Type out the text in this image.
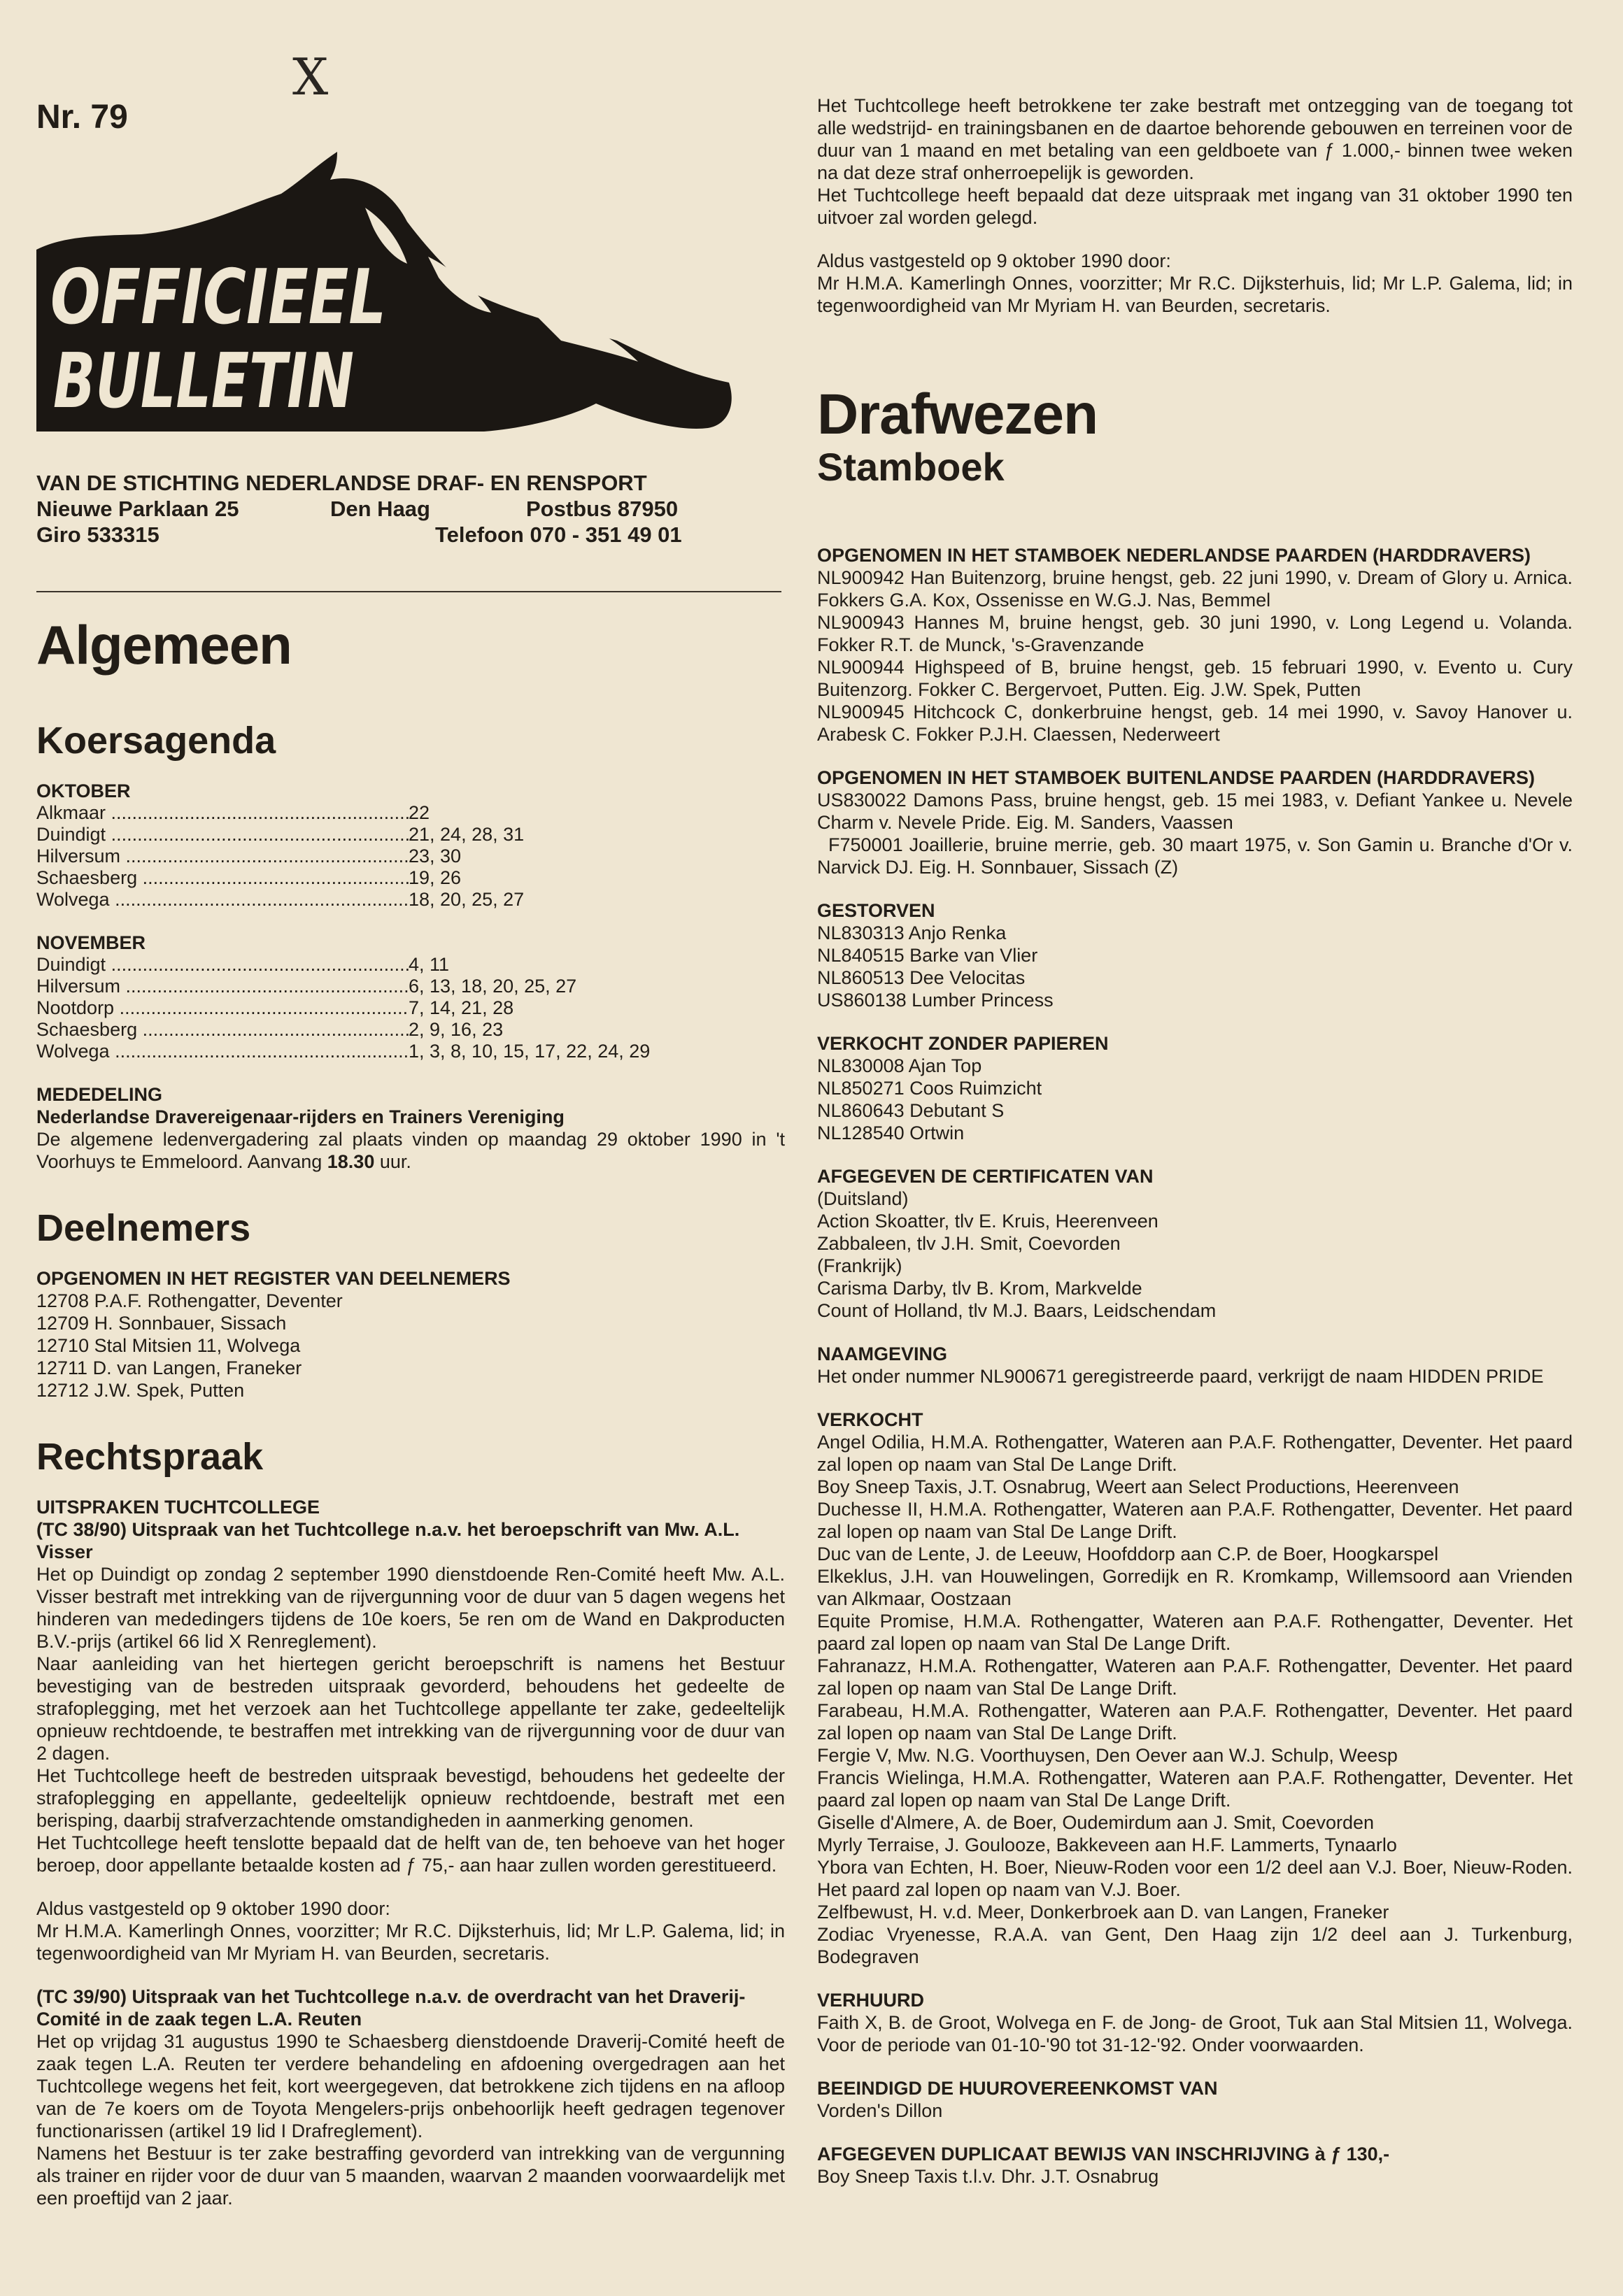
X
Nr. 79
OFFICIEEL
BULLETIN
VAN DE STICHTING NEDERLANDSE DRAF- EN RENSPORT
Nieuwe Parklaan 25	Den Haag	Postbus 87950
Giro 533315	Telefoon 070 - 351 49 01
Algemeen
Koersagenda
OKTOBER
Alkmaar .....	22
Duindigt .....	21, 24, 28, 31
Hilversum .....	23, 30
Schaesberg .....	19, 26
Wolvega .....	18, 20, 25, 27
NOVEMBER
Duindigt .....	4, 11
Hilversum .....	6, 13, 18, 20, 25, 27
Nootdorp .....	7, 14, 21, 28
Schaesberg .....	2, 9, 16, 23
Wolvega .....	1, 3, 8, 10, 15, 17, 22, 24, 29
MEDEDELING
Nederlandse Dravereigenaar-rijders en Trainers Vereniging
De algemene ledenvergadering zal plaats vinden op maandag 29 oktober 1990 in 't Voorhuys te Emmeloord. Aanvang 18.30 uur.
Deelnemers
OPGENOMEN IN HET REGISTER VAN DEELNEMERS
12708 P.A.F. Rothengatter, Deventer
12709 H. Sonnbauer, Sissach
12710 Stal Mitsien 11, Wolvega
12711 D. van Langen, Franeker
12712 J.W. Spek, Putten
Rechtspraak
UITSPRAKEN TUCHTCOLLEGE
(TC 38/90) Uitspraak van het Tuchtcollege n.a.v. het beroepschrift van Mw. A.L. Visser
Het op Duindigt op zondag 2 september 1990 dienstdoende Ren-Comité heeft Mw. A.L. Visser bestraft met intrekking van de rijvergunning voor de duur van 5 dagen wegens het hinderen van mededingers tijdens de 10e koers, 5e ren om de Wand en Dakproducten B.V.-prijs (artikel 66 lid X Renreglement).
Naar aanleiding van het hiertegen gericht beroepschrift is namens het Bestuur bevestiging van de bestreden uitspraak gevorderd, behoudens het gedeelte de strafoplegging, met het verzoek aan het Tuchtcollege appellante ter zake, gedeeltelijk opnieuw rechtdoende, te bestraffen met intrekking van de rijvergunning voor de duur van 2 dagen.
Het Tuchtcollege heeft de bestreden uitspraak bevestigd, behoudens het gedeelte der strafoplegging en appellante, gedeeltelijk opnieuw rechtdoende, bestraft met een berisping, daarbij strafverzachtende omstandigheden in aanmerking genomen.
Het Tuchtcollege heeft tenslotte bepaald dat de helft van de, ten behoeve van het hoger beroep, door appellante betaalde kosten ad ƒ 75,- aan haar zullen worden gerestitueerd.
Aldus vastgesteld op 9 oktober 1990 door:
Mr H.M.A. Kamerlingh Onnes, voorzitter; Mr R.C. Dijksterhuis, lid; Mr L.P. Galema, lid; in tegenwoordigheid van Mr Myriam H. van Beurden, secretaris.
(TC 39/90) Uitspraak van het Tuchtcollege n.a.v. de overdracht van het Draverij-Comité in de zaak tegen L.A. Reuten
Het op vrijdag 31 augustus 1990 te Schaesberg dienstdoende Draverij-Comité heeft de zaak tegen L.A. Reuten ter verdere behandeling en afdoening overgedragen aan het Tuchtcollege wegens het feit, kort weergegeven, dat betrokkene zich tijdens en na afloop van de 7e koers om de Toyota Mengelers-prijs onbehoorlijk heeft gedragen tegenover functionarissen (artikel 19 lid I Drafreglement).
Namens het Bestuur is ter zake bestraffing gevorderd van intrekking van de vergunning als trainer en rijder voor de duur van 5 maanden, waarvan 2 maanden voorwaardelijk met een proeftijd van 2 jaar.
Het Tuchtcollege heeft betrokkene ter zake bestraft met ontzegging van de toegang tot alle wedstrijd- en trainingsbanen en de daartoe behorende gebouwen en terreinen voor de duur van 1 maand en met betaling van een geldboete van ƒ 1.000,- binnen twee weken na dat deze straf onherroepelijk is geworden.
Het Tuchtcollege heeft bepaald dat deze uitspraak met ingang van 31 oktober 1990 ten uitvoer zal worden gelegd.
Aldus vastgesteld op 9 oktober 1990 door:
Mr H.M.A. Kamerlingh Onnes, voorzitter; Mr R.C. Dijksterhuis, lid; Mr L.P. Galema, lid; in tegenwoordigheid van Mr Myriam H. van Beurden, secretaris.
Drafwezen
Stamboek
OPGENOMEN IN HET STAMBOEK NEDERLANDSE PAARDEN (HARDDRAVERS)
NL900942 Han Buitenzorg, bruine hengst, geb. 22 juni 1990, v. Dream of Glory u. Arnica. Fokkers G.A. Kox, Ossenisse en W.G.J. Nas, Bemmel
NL900943 Hannes M, bruine hengst, geb. 30 juni 1990, v. Long Legend u. Volanda. Fokker R.T. de Munck, 's-Gravenzande
NL900944 Highspeed of B, bruine hengst, geb. 15 februari 1990, v. Evento u. Cury Buitenzorg. Fokker C. Bergervoet, Putten. Eig. J.W. Spek, Putten
NL900945 Hitchcock C, donkerbruine hengst, geb. 14 mei 1990, v. Savoy Hanover u. Arabesk C. Fokker P.J.H. Claessen, Nederweert
OPGENOMEN IN HET STAMBOEK BUITENLANDSE PAARDEN (HARDDRAVERS)
US830022 Damons Pass, bruine hengst, geb. 15 mei 1983, v. Defiant Yankee u. Nevele Charm v. Nevele Pride. Eig. M. Sanders, Vaassen
F750001 Joaillerie, bruine merrie, geb. 30 maart 1975, v. Son Gamin u. Branche d'Or v. Narvick DJ. Eig. H. Sonnbauer, Sissach (Z)
GESTORVEN
NL830313 Anjo Renka
NL840515 Barke van Vlier
NL860513 Dee Velocitas
US860138 Lumber Princess
VERKOCHT ZONDER PAPIEREN
NL830008 Ajan Top
NL850271 Coos Ruimzicht
NL860643 Debutant S
NL128540 Ortwin
AFGEGEVEN DE CERTIFICATEN VAN
(Duitsland)
Action Skoatter, tlv E. Kruis, Heerenveen
Zabbaleen, tlv J.H. Smit, Coevorden
(Frankrijk)
Carisma Darby, tlv B. Krom, Markvelde
Count of Holland, tlv M.J. Baars, Leidschendam
NAAMGEVING
Het onder nummer NL900671 geregistreerde paard, verkrijgt de naam HIDDEN PRIDE
VERKOCHT
Angel Odilia, H.M.A. Rothengatter, Wateren aan P.A.F. Rothengatter, Deventer. Het paard zal lopen op naam van Stal De Lange Drift.
Boy Sneep Taxis, J.T. Osnabrug, Weert aan Select Productions, Heerenveen
Duchesse II, H.M.A. Rothengatter, Wateren aan P.A.F. Rothengatter, Deventer. Het paard zal lopen op naam van Stal De Lange Drift.
Duc van de Lente, J. de Leeuw, Hoofddorp aan C.P. de Boer, Hoogkarspel
Elkeklus, J.H. van Houwelingen, Gorredijk en R. Kromkamp, Willemsoord aan Vrienden van Alkmaar, Oostzaan
Equite Promise, H.M.A. Rothengatter, Wateren aan P.A.F. Rothengatter, Deventer. Het paard zal lopen op naam van Stal De Lange Drift.
Fahranazz, H.M.A. Rothengatter, Wateren aan P.A.F. Rothengatter, Deventer. Het paard zal lopen op naam van Stal De Lange Drift.
Farabeau, H.M.A. Rothengatter, Wateren aan P.A.F. Rothengatter, Deventer. Het paard zal lopen op naam van Stal De Lange Drift.
Fergie V, Mw. N.G. Voorthuysen, Den Oever aan W.J. Schulp, Weesp
Francis Wielinga, H.M.A. Rothengatter, Wateren aan P.A.F. Rothengatter, Deventer. Het paard zal lopen op naam van Stal De Lange Drift.
Giselle d'Almere, A. de Boer, Oudemirdum aan J. Smit, Coevorden
Myrly Terraise, J. Goulooze, Bakkeveen aan H.F. Lammerts, Tynaarlo
Ybora van Echten, H. Boer, Nieuw-Roden voor een 1/2 deel aan V.J. Boer, Nieuw-Roden. Het paard zal lopen op naam van V.J. Boer.
Zelfbewust, H. v.d. Meer, Donkerbroek aan D. van Langen, Franeker
Zodiac Vryenesse, R.A.A. van Gent, Den Haag zijn 1/2 deel aan J. Turkenburg, Bodegraven
VERHUURD
Faith X, B. de Groot, Wolvega en F. de Jong- de Groot, Tuk aan Stal Mitsien 11, Wolvega. Voor de periode van 01-10-'90 tot 31-12-'92. Onder voorwaarden.
BEEINDIGD DE HUUROVEREENKOMST VAN
Vorden's Dillon
AFGEGEVEN DUPLICAAT BEWIJS VAN INSCHRIJVING à ƒ 130,-
Boy Sneep Taxis t.l.v. Dhr. J.T. Osnabrug
